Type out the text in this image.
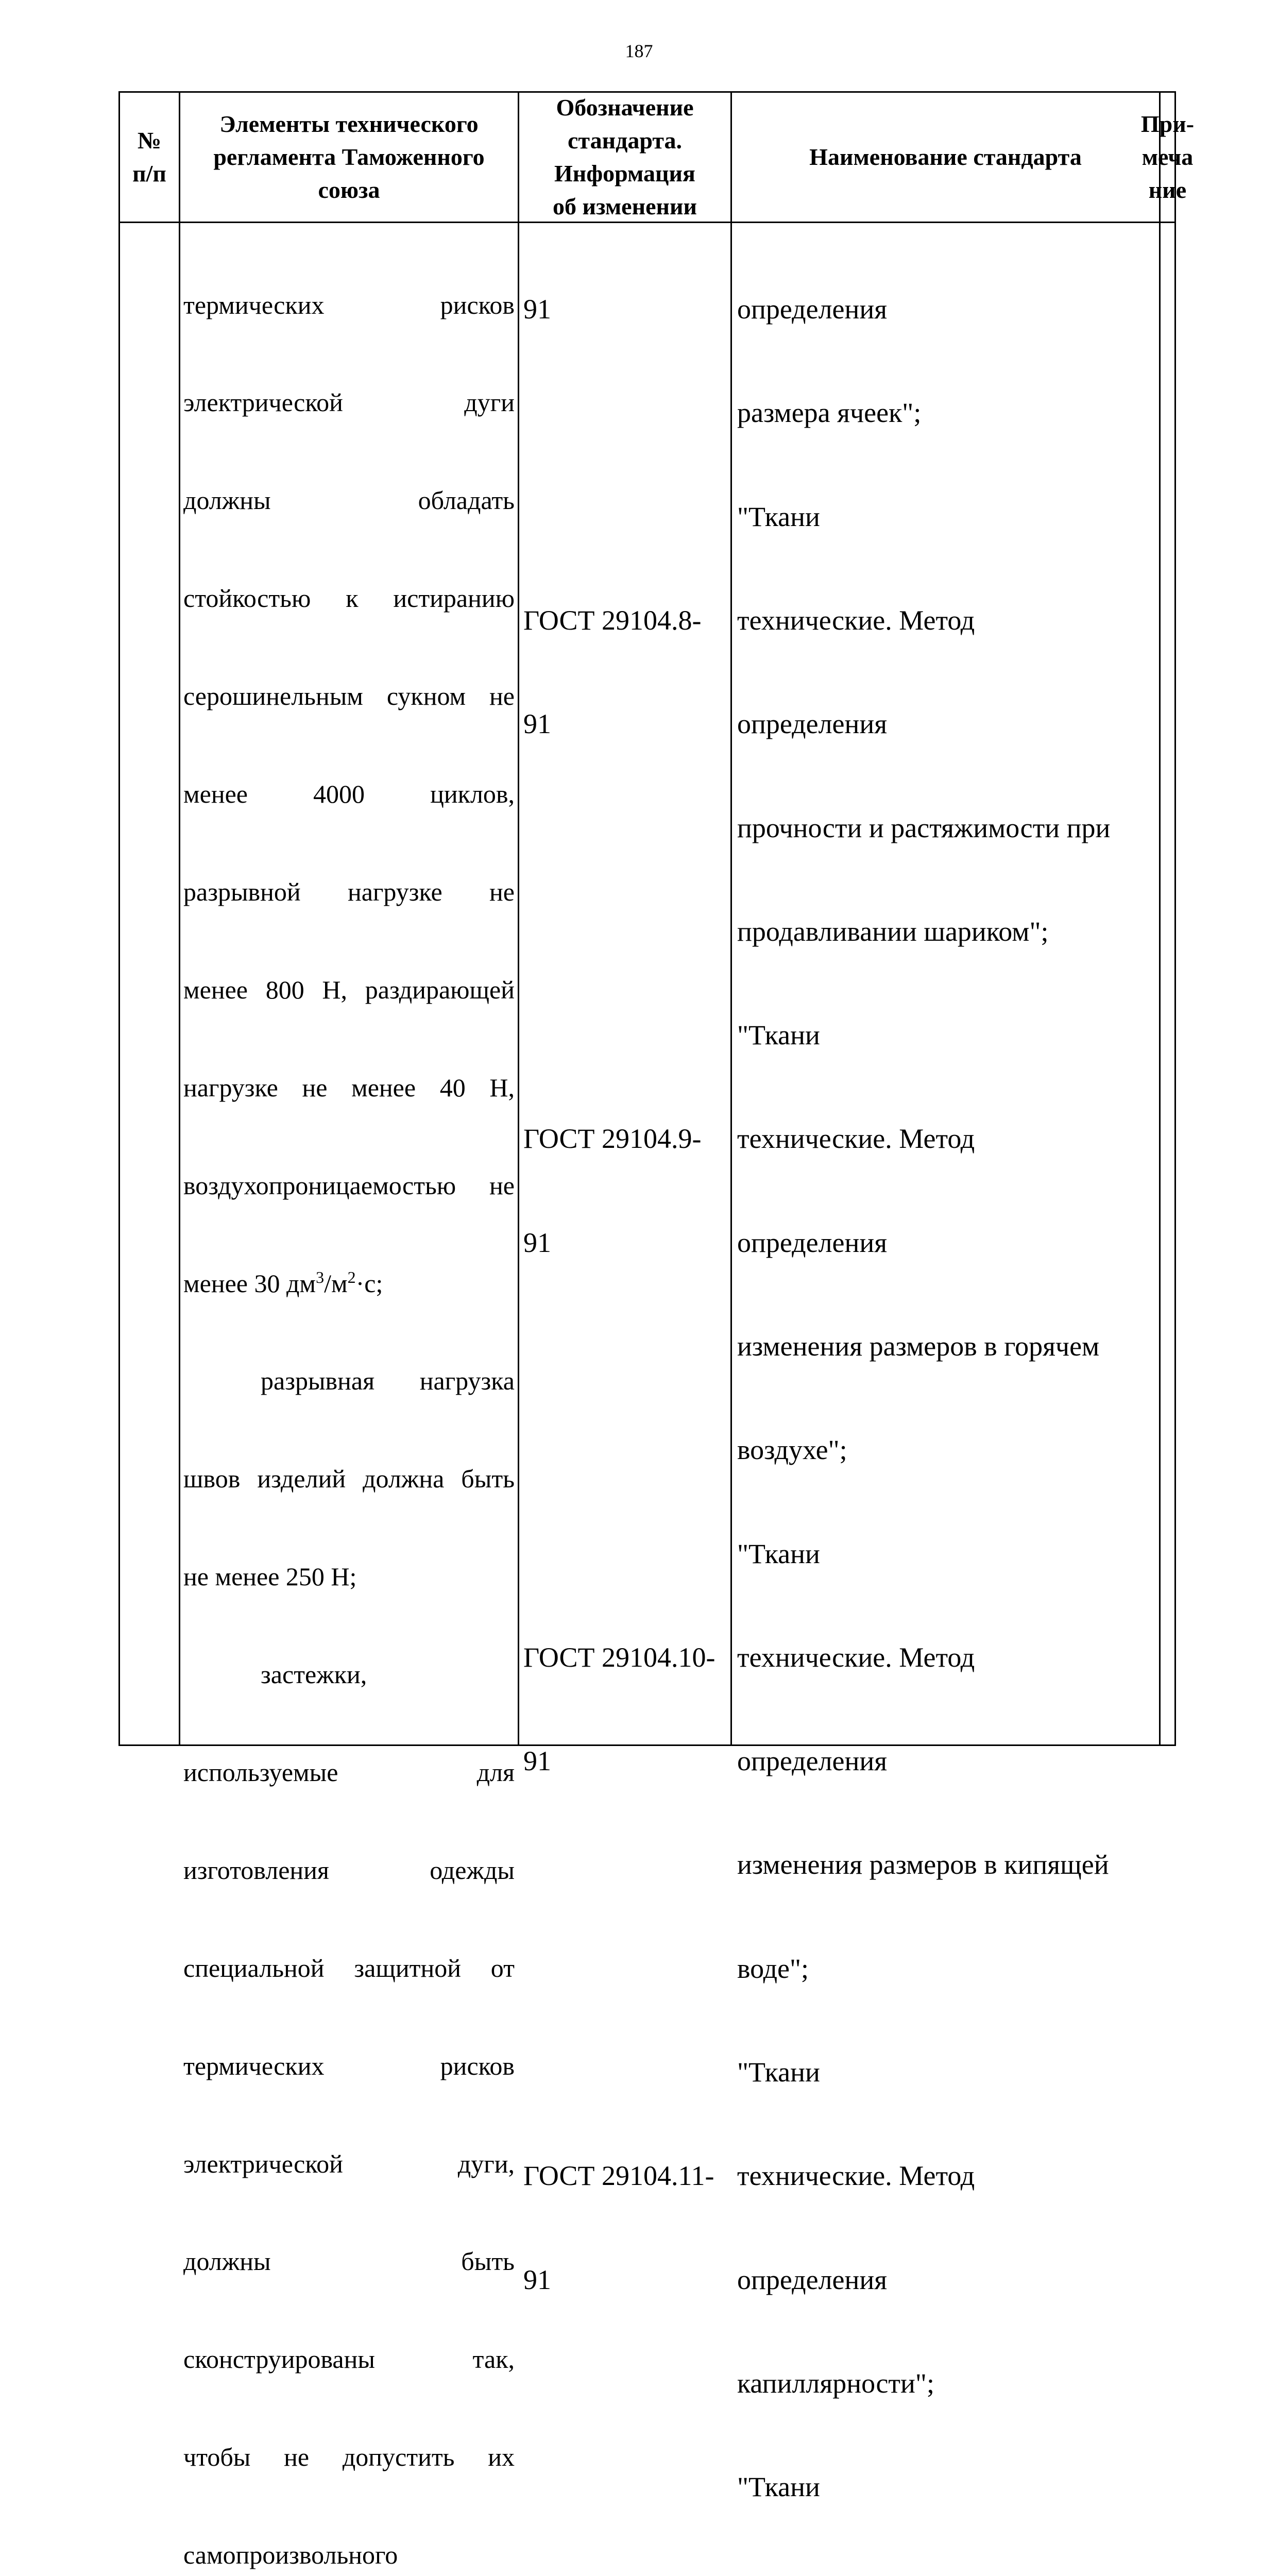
187
№
п/п
Элементы технического
регламента Таможенного
союза
Обозначение
стандарта.
Информация
об изменении
Наименование стандарта
При-
меча
ние

термических рисков

электрической дуги

должны обладать

стойкостью к истиранию

серошинельным сукном не

менее 4000 циклов,

разрывной нагрузке не

менее 800 Н, раздирающей

нагрузке не менее 40 Н,

воздухопроницаемостью не

менее 30 $дм^3/м^2\cdot с$;

разрывная нагрузка

швов изделий должна быть

не менее 250 Н;

застежки,

используемые для

изготовления одежды

специальной защитной от

термических рисков

электрической дуги,

должны быть

сконструированы так,

чтобы не допустить их

самопроизвольного

91

ГОСТ 29104.8-

91

ГОСТ 29104.9-

91

ГОСТ 29104.10-

91

ГОСТ 29104.11-

91

определения

размера ячеек";

"Ткани

технические. Метод

определения

прочности и растяжимости при

продавливании шариком";

"Ткани

технические. Метод

определения

изменения размеров в горячем

воздухе";

"Ткани

технические. Метод

определения

изменения размеров в кипящей

воде";

"Ткани

технические. Метод

определения

капиллярности";

"Ткани
